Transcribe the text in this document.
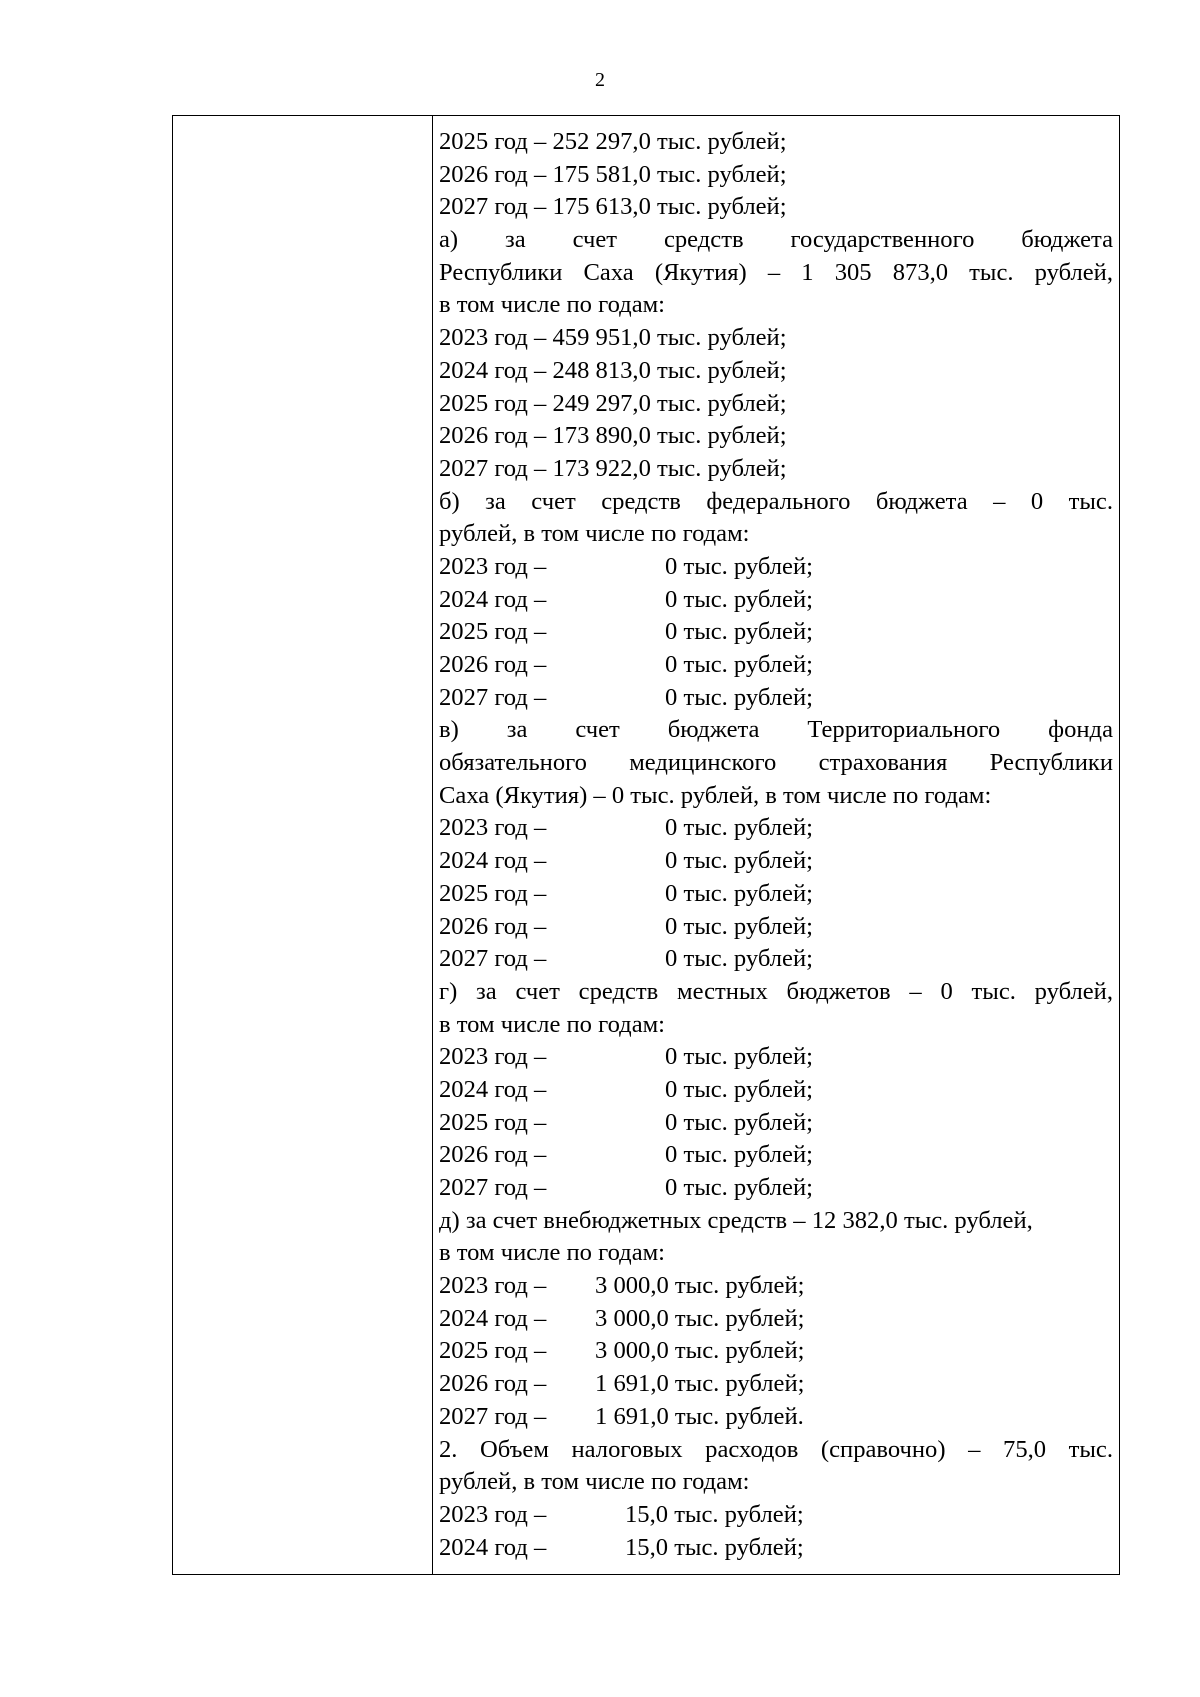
2
2025 год – 252 297,0 тыс. рублей;
2026 год – 175 581,0 тыс. рублей;
2027 год – 175 613,0 тыс. рублей;
а) за счет средств государственного бюджета
Республики Саха (Якутия) – 1 305 873,0 тыс. рублей,
в том числе по годам:
2023 год – 459 951,0 тыс. рублей;
2024 год – 248 813,0 тыс. рублей;
2025 год – 249 297,0 тыс. рублей;
2026 год – 173 890,0 тыс. рублей;
2027 год – 173 922,0 тыс. рублей;
б) за счет средств федерального бюджета – 0 тыс.
рублей, в том числе по годам:
2023 год –	0 тыс. рублей;
2024 год –	0 тыс. рублей;
2025 год –	0 тыс. рублей;
2026 год –	0 тыс. рублей;
2027 год –	0 тыс. рублей;
в) за счет бюджета Территориального фонда
обязательного медицинского страхования Республики
Саха (Якутия) – 0 тыс. рублей, в том числе по годам:
2023 год –	0 тыс. рублей;
2024 год –	0 тыс. рублей;
2025 год –	0 тыс. рублей;
2026 год –	0 тыс. рублей;
2027 год –	0 тыс. рублей;
г) за счет средств местных бюджетов – 0 тыс. рублей,
в том числе по годам:
2023 год –	0 тыс. рублей;
2024 год –	0 тыс. рублей;
2025 год –	0 тыс. рублей;
2026 год –	0 тыс. рублей;
2027 год –	0 тыс. рублей;
д) за счет внебюджетных средств – 12 382,0 тыс. рублей,
в том числе по годам:
2023 год – 3 000,0 тыс. рублей;
2024 год – 3 000,0 тыс. рублей;
2025 год – 3 000,0 тыс. рублей;
2026 год – 1 691,0 тыс. рублей;
2027 год – 1 691,0 тыс. рублей.
2. Объем налоговых расходов (справочно) – 75,0 тыс.
рублей, в том числе по годам:
2023 год –	15,0 тыс. рублей;
2024 год –	15,0 тыс. рублей;
